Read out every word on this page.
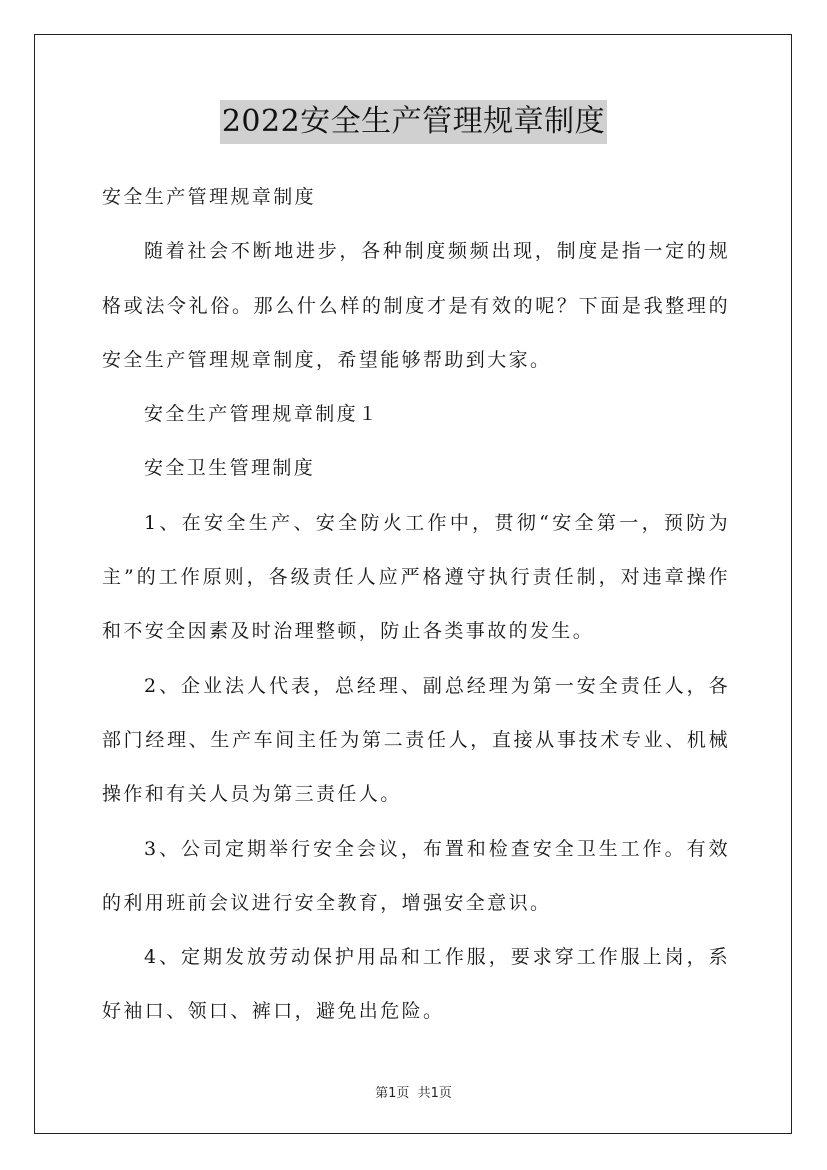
2022安全生产管理规章制度

安全生产管理规章制度

随着社会不断地进步，各种制度频频出现，制度是指一定的规格或法令礼俗。那么什么样的制度才是有效的呢？下面是我整理的安全生产管理规章制度，希望能够帮助到大家。

安全生产管理规章制度１

安全卫生管理制度

1、在安全生产、安全防火工作中，贯彻“安全第一，预防为主”的工作原则，各级责任人应严格遵守执行责任制，对违章操作和不安全因素及时治理整顿，防止各类事故的发生。

2、企业法人代表，总经理、副总经理为第一安全责任人，各部门经理、生产车间主任为第二责任人，直接从事技术专业、机械操作和有关人员为第三责任人。

3、公司定期举行安全会议，布置和检查安全卫生工作。有效的利用班前会议进行安全教育，增强安全意识。

4、定期发放劳动保护用品和工作服，要求穿工作服上岗，系好袖口、领口、裤口，避免出危险。

第1页 共1页
